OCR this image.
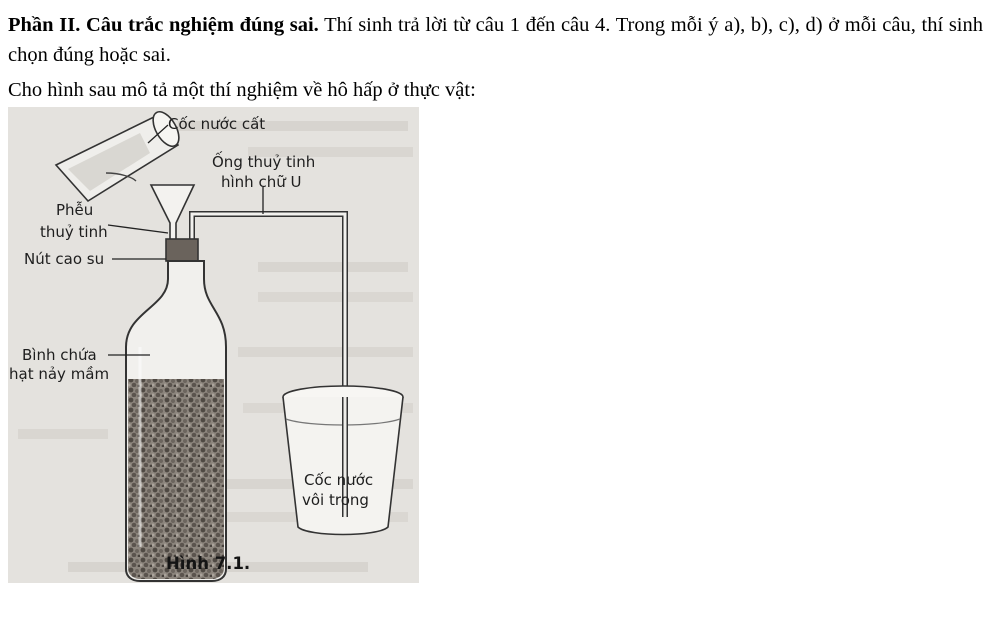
Phần II. Câu trắc nghiệm đúng sai. Thí sinh trả lời từ câu 1 đến câu 4. Trong mỗi ý a), b), c), d) ở mỗi câu, thí sinh chọn đúng hoặc sai.
Cho hình sau mô tả một thí nghiệm về hô hấp ở thực vật:
Cốc nước cất
Ống thuỷ tinh
hình chữ U
Phễu
thuỷ tinh
Nút cao su
Bình chứa
hạt nảy mầm
Cốc nước
vôi trong
Hình 7.1.
